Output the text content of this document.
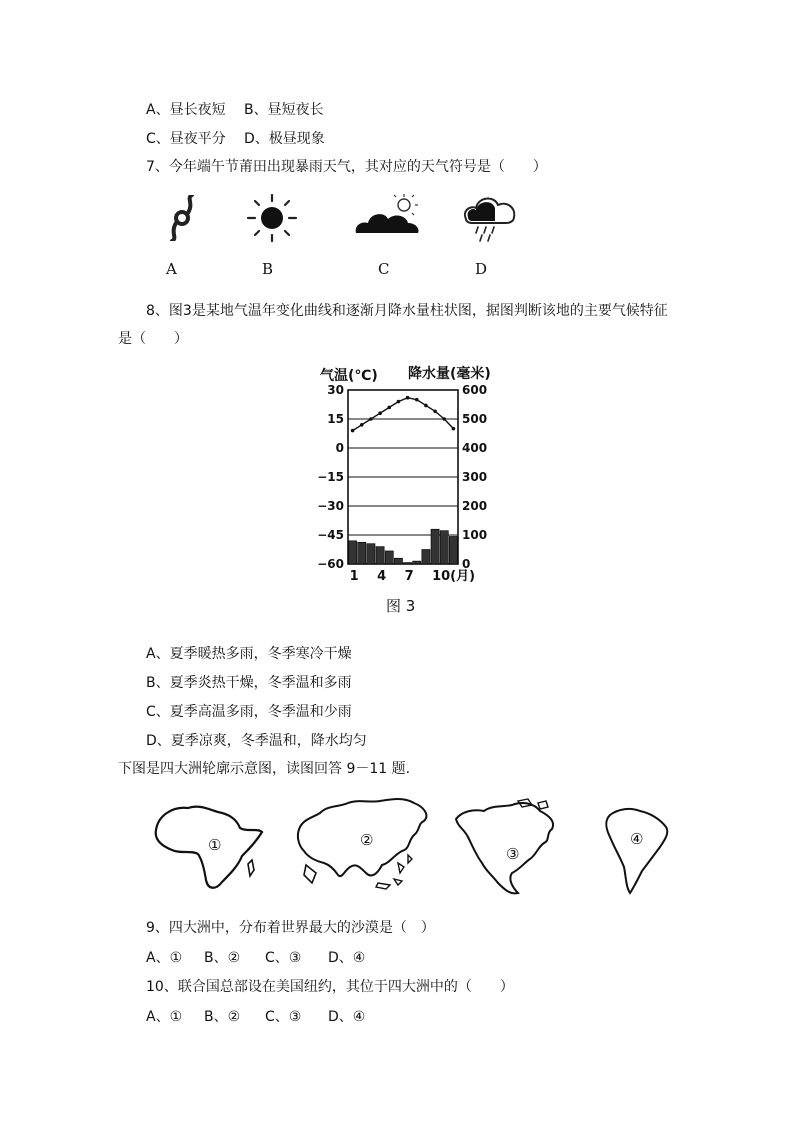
A、昼长夜短 B、昼短夜长
C、昼夜平分 D、极昼现象
7、今年端午节莆田出现暴雨天气，其对应的天气符号是（　　）
A	B	C	D
8、图3是某地气温年变化曲线和逐渐月降水量柱状图，据图判断该地的主要气候特征
是（　　）
气温(℃) 降水量(毫米)
30
15
0
−15
−30
−45
−60
600
500
400
300
200
100
0
1 4 7 10(月)
图 3
A、夏季暖热多雨，冬季寒冷干燥
B、夏季炎热干燥，冬季温和多雨
C、夏季高温多雨，冬季温和少雨
D、夏季凉爽，冬季温和，降水均匀
下图是四大洲轮廓示意图，读图回答 9－11 题.
①	②
③
④
9、四大洲中，分布着世界最大的沙漠是（　）
A、① B、② C、③ D、④
10、联合国总部设在美国纽约，其位于四大洲中的（　　）
A、① B、② C、③ D、④
